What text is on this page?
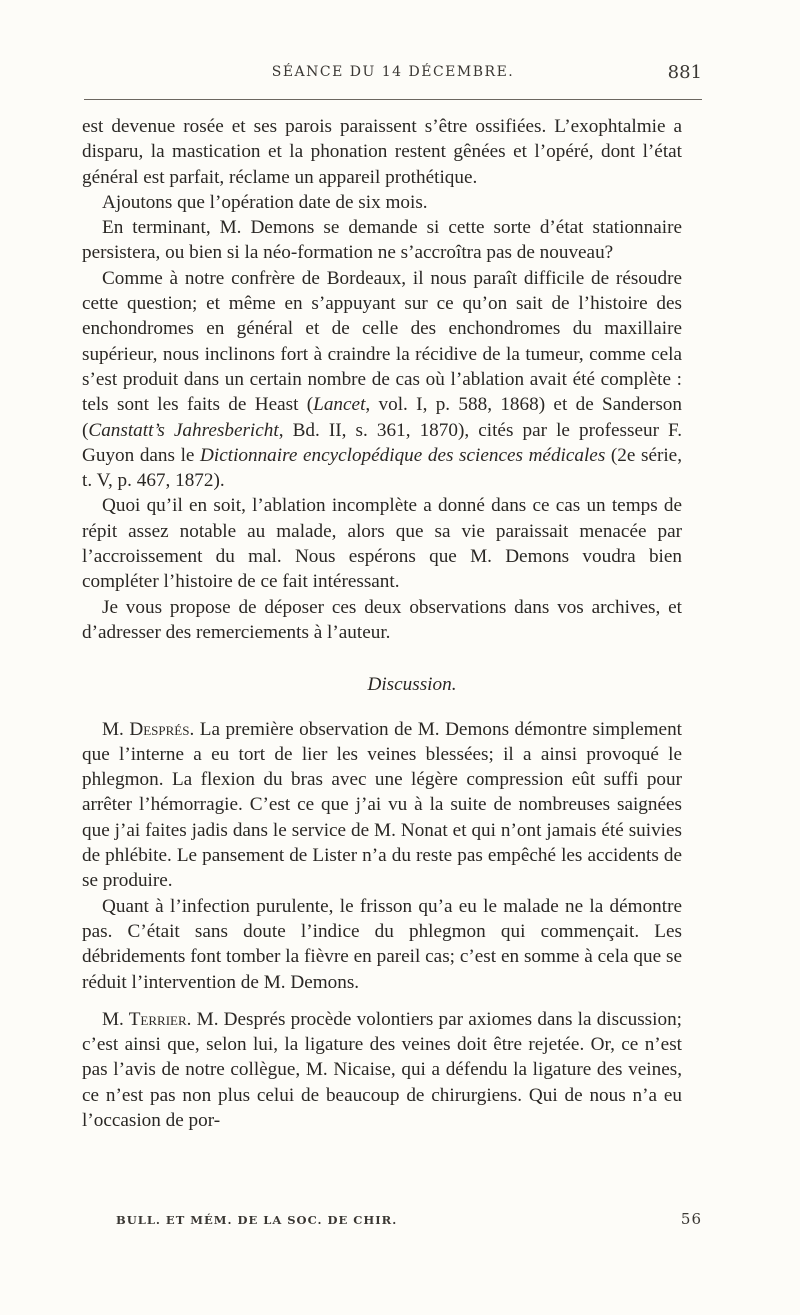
SÉANCE DU 14 DÉCEMBRE.	881

est devenue rosée et ses parois paraissent s’être ossifiées. L’exophtalmie a disparu, la mastication et la phonation restent gênées et l’opéré, dont l’état général est parfait, réclame un appareil prothétique.

Ajoutons que l’opération date de six mois.

En terminant, M. Demons se demande si cette sorte d’état stationnaire persistera, ou bien si la néo-formation ne s’accroîtra pas de nouveau?

Comme à notre confrère de Bordeaux, il nous paraît difficile de résoudre cette question; et même en s’appuyant sur ce qu’on sait de l’histoire des enchondromes en général et de celle des enchondromes du maxillaire supérieur, nous inclinons fort à craindre la récidive de la tumeur, comme cela s’est produit dans un certain nombre de cas où l’ablation avait été complète : tels sont les faits de Heast (Lancet, vol. I, p. 588, 1868) et de Sanderson (Canstatt’s Jahresbericht, Bd. II, s. 361, 1870), cités par le professeur F. Guyon dans le Dictionnaire encyclopédique des sciences médicales (2e série, t. V, p. 467, 1872).

Quoi qu’il en soit, l’ablation incomplète a donné dans ce cas un temps de répit assez notable au malade, alors que sa vie paraissait menacée par l’accroissement du mal. Nous espérons que M. Demons voudra bien compléter l’histoire de ce fait intéressant.

Je vous propose de déposer ces deux observations dans vos archives, et d’adresser des remerciements à l’auteur.

Discussion.

M. Després. La première observation de M. Demons démontre simplement que l’interne a eu tort de lier les veines blessées; il a ainsi provoqué le phlegmon. La flexion du bras avec une légère compression eût suffi pour arrêter l’hémorragie. C’est ce que j’ai vu à la suite de nombreuses saignées que j’ai faites jadis dans le service de M. Nonat et qui n’ont jamais été suivies de phlébite. Le pansement de Lister n’a du reste pas empêché les accidents de se produire.

Quant à l’infection purulente, le frisson qu’a eu le malade ne la démontre pas. C’était sans doute l’indice du phlegmon qui commençait. Les débridements font tomber la fièvre en pareil cas; c’est en somme à cela que se réduit l’intervention de M. Demons.

M. Terrier. M. Després procède volontiers par axiomes dans la discussion; c’est ainsi que, selon lui, la ligature des veines doit être rejetée. Or, ce n’est pas l’avis de notre collègue, M. Nicaise, qui a défendu la ligature des veines, ce n’est pas non plus celui de beaucoup de chirurgiens. Qui de nous n’a eu l’occasion de por-

BULL. ET MÉM. DE LA SOC. DE CHIR.	56
